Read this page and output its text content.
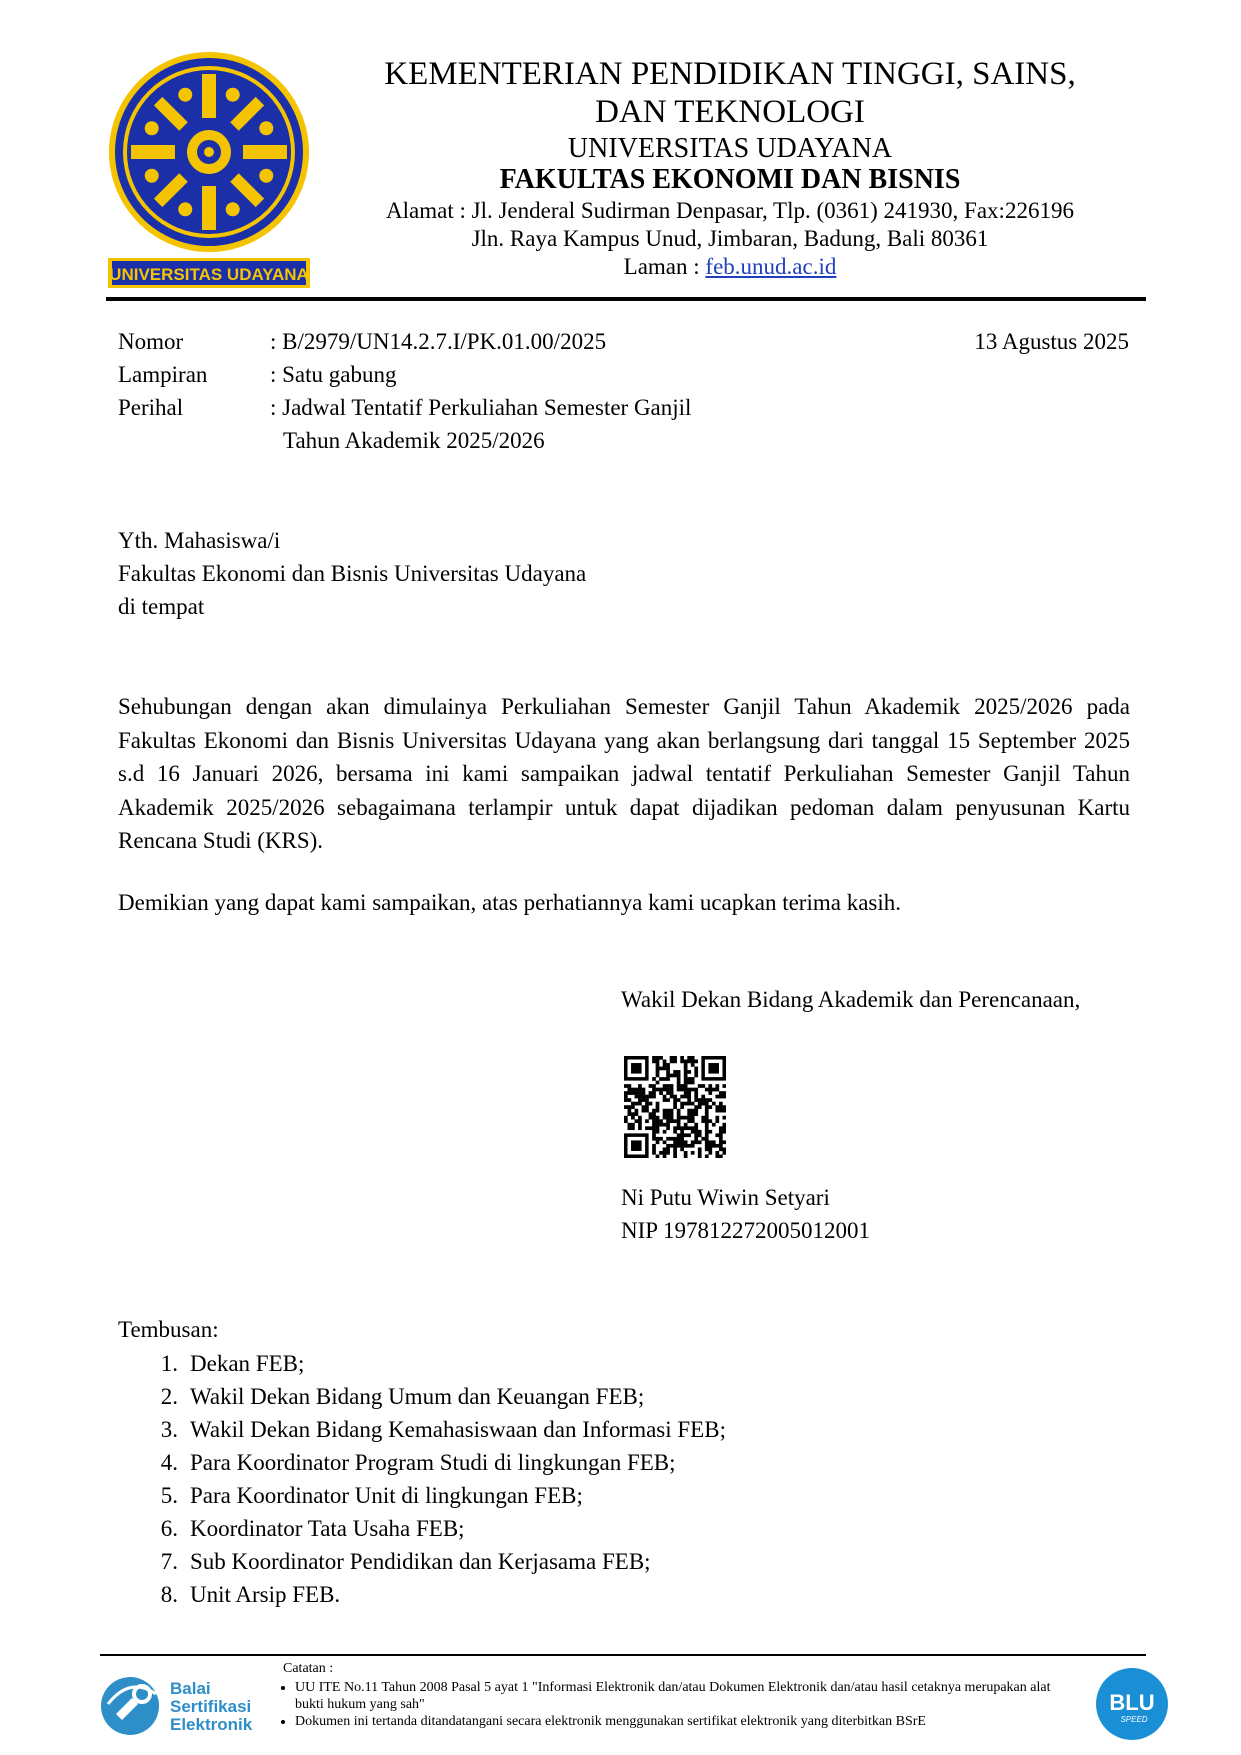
UNIVERSITAS UDAYANA
KEMENTERIAN PENDIDIKAN TINGGI, SAINS,
DAN TEKNOLOGI
UNIVERSITAS UDAYANA
FAKULTAS EKONOMI DAN BISNIS
Alamat : Jl. Jenderal Sudirman Denpasar, Tlp. (0361) 241930, Fax:226196
Jln. Raya Kampus Unud, Jimbaran, Badung, Bali 80361
Laman : feb.unud.ac.id
Nomor	: B/2979/UN14.2.7.I/PK.01.00/2025	13 Agustus 2025
Lampiran	: Satu gabung
Perihal	: Jadwal Tentatif Perkuliahan Semester Ganjil
Tahun Akademik 2025/2026
Yth. Mahasiswa/i
Fakultas Ekonomi dan Bisnis Universitas Udayana
di tempat
Sehubungan dengan akan dimulainya Perkuliahan Semester Ganjil Tahun Akademik 2025/2026 pada Fakultas Ekonomi dan Bisnis Universitas Udayana yang akan berlangsung dari tanggal 15 September 2025 s.d 16 Januari 2026, bersama ini kami sampaikan jadwal tentatif Perkuliahan Semester Ganjil Tahun Akademik 2025/2026 sebagaimana terlampir untuk dapat dijadikan pedoman dalam penyusunan Kartu Rencana Studi (KRS).
Demikian yang dapat kami sampaikan, atas perhatiannya kami ucapkan terima kasih.
Wakil Dekan Bidang Akademik dan Perencanaan,
Ni Putu Wiwin Setyari
NIP 197812272005012001
Tembusan:
1. Dekan FEB;
2. Wakil Dekan Bidang Umum dan Keuangan FEB;
3. Wakil Dekan Bidang Kemahasiswaan dan Informasi FEB;
4. Para Koordinator Program Studi di lingkungan FEB;
5. Para Koordinator Unit di lingkungan FEB;
6. Koordinator Tata Usaha FEB;
7. Sub Koordinator Pendidikan dan Kerjasama FEB;
8. Unit Arsip FEB.
Balai
Sertifikasi
Elektronik
Catatan :
• UU ITE No.11 Tahun 2008 Pasal 5 ayat 1 "Informasi Elektronik dan/atau Dokumen Elektronik dan/atau hasil cetaknya merupakan alat bukti hukum yang sah"
• Dokumen ini tertanda ditandatangani secara elektronik menggunakan sertifikat elektronik yang diterbitkan BSrE
BLU
SPEED
